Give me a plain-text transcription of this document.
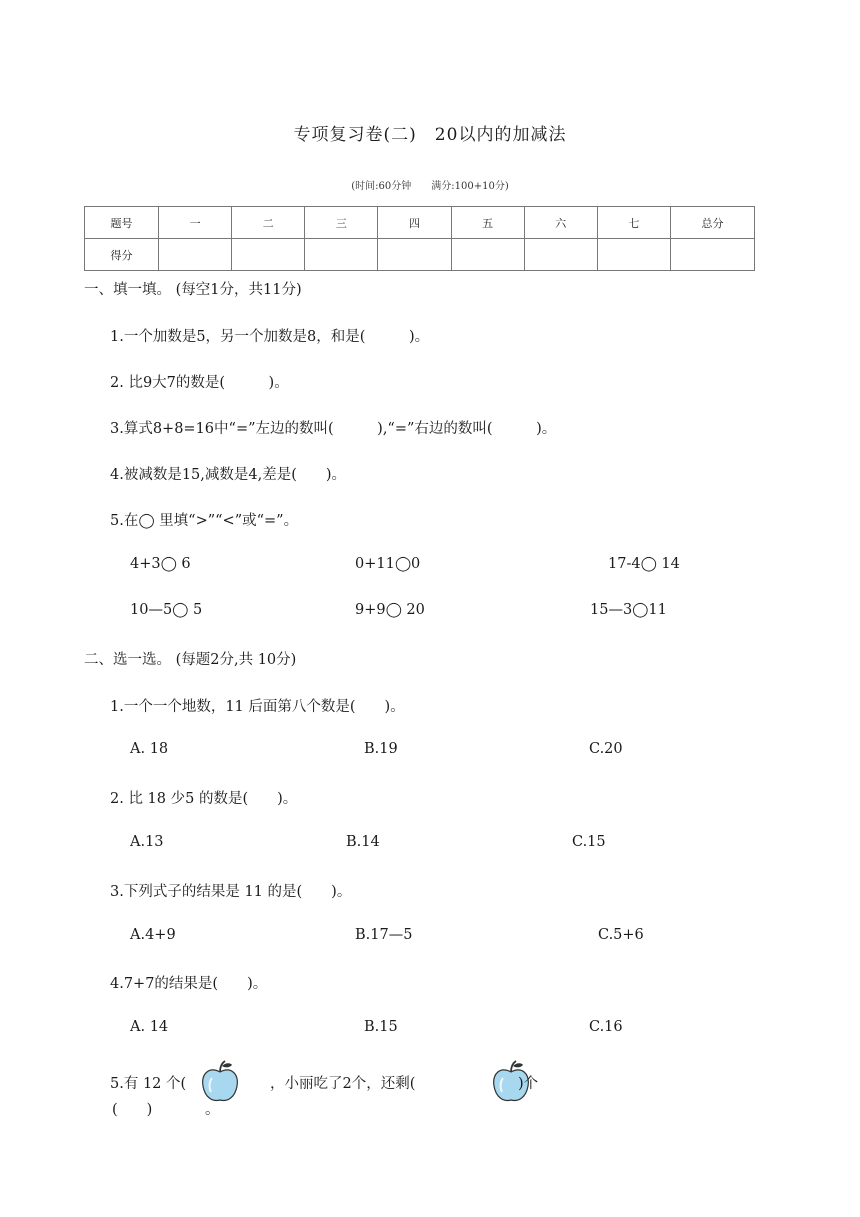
专项复习卷(二)　20以内的加减法
(时间:60分钟　　满分:100+10分)
题号	一	二	三	四	五	六	七	总分
得分								
一、填一填。 (每空1分，共11分)
1.一个加数是5，另一个加数是8，和是(　　　)。
2. 比9大7的数是(　　　)。
3.算式8+8=16中“=”左边的数叫(　　　),“=”右边的数叫(　　　)。
4.被减数是15,减数是4,差是(　　)。
5.在◯ 里填“>”“<”或“=”。
4+3◯ 6	0+11◯0	17-4◯ 14
10—5◯ 5	9+9◯ 20	15—3◯11
二、选一选。 (每题2分,共 10分)
1.一个一个地数，11 后面第八个数是(　　)。
A. 18	B.19	C.20
2. 比 18 少5 的数是(　　)。
A.13	B.14	C.15
3.下列式子的结果是 11 的是(　　)。
A.4+9	B.17—5	C.5+6
4.7+7的结果是(　　)。
A. 14	B.15	C.16
5.有 12 个(	，小丽吃了2个，还剩(	)个
(　　)	。
